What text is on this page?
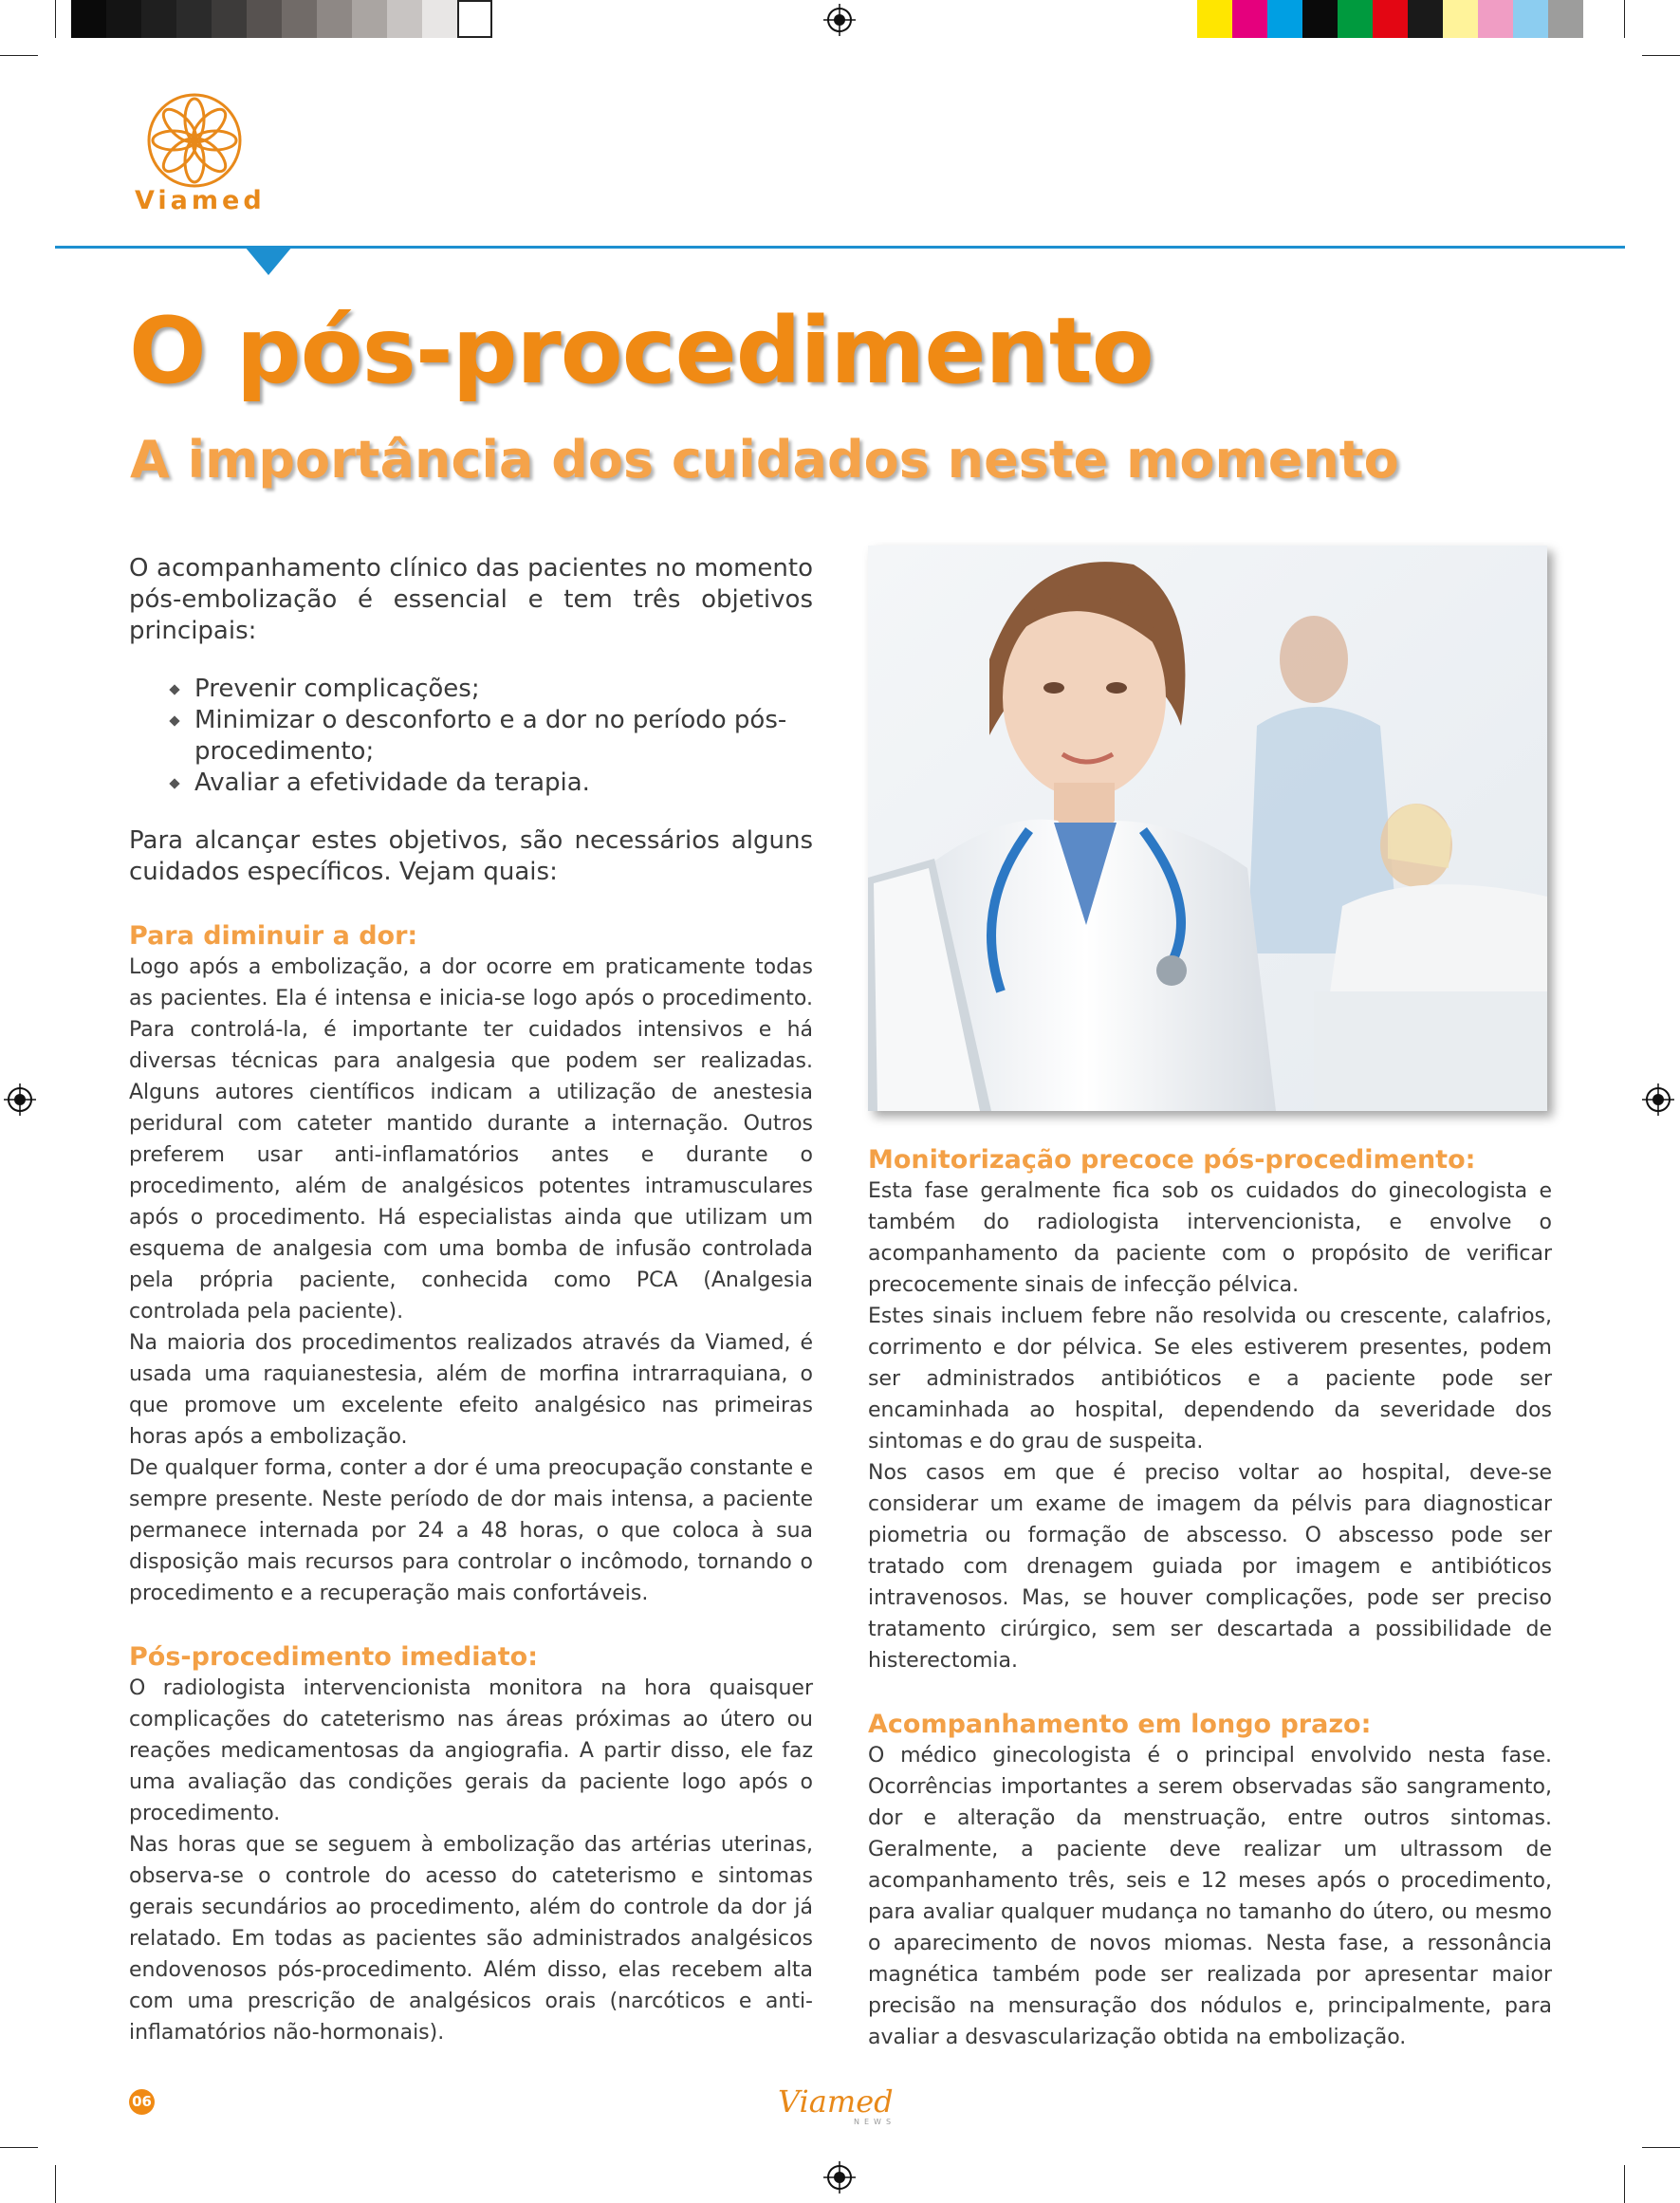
Viamed
O pós-procedimento
A importância dos cuidados neste momento

O acompanhamento clínico das pacientes no momento pós-embolização é essencial e tem três objetivos principais:

Prevenir complicações;
Minimizar o desconforto e a dor no período pós-procedimento;
Avaliar a efetividade da terapia.

Para alcançar estes objetivos, são necessários alguns cuidados específicos. Vejam quais:

Para diminuir a dor:

Logo após a embolização, a dor ocorre em praticamente todas as pacientes. Ela é intensa e inicia-se logo após o procedimento. Para controlá-la, é importante ter cuidados intensivos e há diversas técnicas para analgesia que podem ser realizadas. Alguns autores científicos indicam a utilização de anestesia peridural com cateter mantido durante a internação. Outros preferem usar anti-inflamatórios antes e durante o procedimento, além de analgésicos potentes intramusculares após o procedimento. Há especialistas ainda que utilizam um esquema de analgesia com uma bomba de infusão controlada pela própria paciente, conhecida como PCA (Analgesia controlada pela paciente).

Na maioria dos procedimentos realizados através da Viamed, é usada uma raquianestesia, além de morfina intrarraquiana, o que promove um excelente efeito analgésico nas primeiras horas após a embolização.

De qualquer forma, conter a dor é uma preocupação constante e sempre presente. Neste período de dor mais intensa, a paciente permanece internada por 24 a 48 horas, o que coloca à sua disposição mais recursos para controlar o incômodo, tornando o procedimento e a recuperação mais confortáveis.

Pós-procedimento imediato:

O radiologista intervencionista monitora na hora quaisquer complicações do cateterismo nas áreas próximas ao útero ou reações medicamentosas da angiografia. A partir disso, ele faz uma avaliação das condições gerais da paciente logo após o procedimento.

Nas horas que se seguem à embolização das artérias uterinas, observa-se o controle do acesso do cateterismo e sintomas gerais secundários ao procedimento, além do controle da dor já relatado. Em todas as pacientes são administrados analgésicos endovenosos pós-procedimento. Além disso, elas recebem alta com uma prescrição de analgésicos orais (narcóticos e anti-inflamatórios não-hormonais).

Monitorização precoce pós-procedimento:

Esta fase geralmente fica sob os cuidados do ginecologista e também do radiologista intervencionista, e envolve o acompanhamento da paciente com o propósito de verificar precocemente sinais de infecção pélvica.

Estes sinais incluem febre não resolvida ou crescente, calafrios, corrimento e dor pélvica. Se eles estiverem presentes, podem ser administrados antibióticos e a paciente pode ser encaminhada ao hospital, dependendo da severidade dos sintomas e do grau de suspeita.

Nos casos em que é preciso voltar ao hospital, deve-se considerar um exame de imagem da pélvis para diagnosticar piometria ou formação de abscesso. O abscesso pode ser tratado com drenagem guiada por imagem e antibióticos intravenosos. Mas, se houver complicações, pode ser preciso tratamento cirúrgico, sem ser descartada a possibilidade de histerectomia.

Acompanhamento em longo prazo:

O médico ginecologista é o principal envolvido nesta fase. Ocorrências importantes a serem observadas são sangramento, dor e alteração da menstruação, entre outros sintomas. Geralmente, a paciente deve realizar um ultrassom de acompanhamento três, seis e 12 meses após o procedimento, para avaliar qualquer mudança no tamanho do útero, ou mesmo o aparecimento de novos miomas. Nesta fase, a ressonância magnética também pode ser realizada por apresentar maior precisão na mensuração dos nódulos e, principalmente, para avaliar a desvascularização obtida na embolização.

06	Viamed
NEWS
